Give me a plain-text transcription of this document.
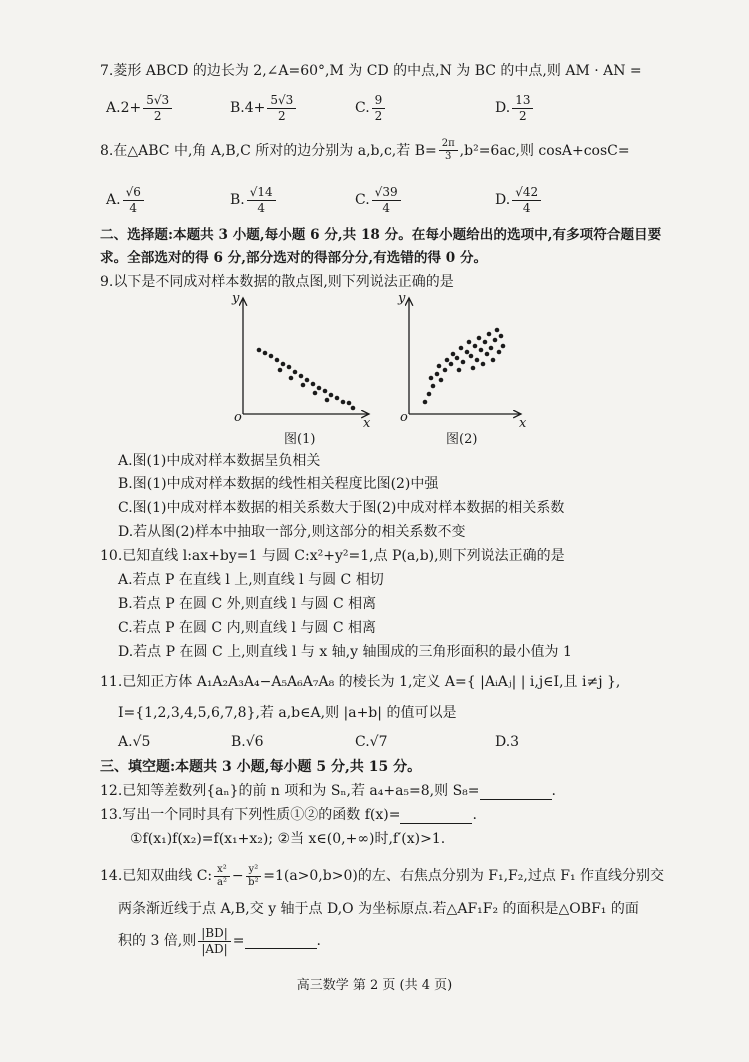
7.菱形 ABCD 的边长为 2,∠A=60°,M 为 CD 的中点,N 为 BC 的中点,则 AM · AN =
A. $2+ \frac{5√3}{2}$	B. $4+ \frac{5√3}{2}$	C. $\frac{9}{2}$	D. $\frac{13}{2}$
8.在△ABC 中,角 A,B,C 所对的边分别为 a,b,c,若 $B= \frac{2\pi}{3} ,b^2=6ac$,则 cosA+cosC=
A. $\frac{√6}{4}$	B. $\frac{√14}{4}$	C. $\frac{√39}{4}$	D. $\frac{√42}{4}$
二、选择题:本题共 3 小题,每小题 6 分,共 18 分。在每小题给出的选项中,有多项符合题目要
求。全部选对的得 6 分,部分选对的得部分分,有选错的得 0 分。
9.以下是不同成对样本数据的散点图,则下列说法正确的是
y
o	x
y
o	x
图(1)	图(2)
A.图(1)中成对样本数据呈负相关
B.图(1)中成对样本数据的线性相关程度比图(2)中强
C.图(1)中成对样本数据的相关系数大于图(2)中成对样本数据的相关系数
D.若从图(2)样本中抽取一部分,则这部分的相关系数不变
10.已知直线 l:ax+by=1 与圆 C:x²+y²=1,点 P(a,b),则下列说法正确的是
A.若点 P 在直线 l 上,则直线 l 与圆 C 相切
B.若点 P 在圆 C 外,则直线 l 与圆 C 相离
C.若点 P 在圆 C 内,则直线 l 与圆 C 相离
D.若点 P 在圆 C 上,则直线 l 与 x 轴,y 轴围成的三角形面积的最小值为 1
11.已知正方体 A₁A₂A₃A₄−A₅A₆A₇A₈ 的棱长为 1,定义 A={ |AᵢAⱼ| | i,j∈I,且 i≠j },
I={1,2,3,4,5,6,7,8},若 a,b∈A,则 |a+b| 的值可以是
A.√5	B.√6	C.√7	D.3
三、填空题:本题共 3 小题,每小题 5 分,共 15 分。
12.已知等差数列{aₙ}的前 n 项和为 Sₙ,若 a₄+a₅=8,则 S₈=	.
13.写出一个同时具有下列性质①②的函数 f(x)=	.
①f(x₁)f(x₂)=f(x₁+x₂); ②当 x∈(0,+∞)时,f′(x)>1.
14.已知双曲线 C: $\frac{\text{x²}}{\text{a²}} - \frac{\text{y²}}{\text{b²}} =1(a>0,b>0)$的左、右焦点分别为 F₁,F₂,过点 F₁ 作直线分别交
两条渐近线于点 A,B,交 y 轴于点 D,O 为坐标原点.若△AF₁F₂ 的面积是△OBF₁ 的面
积的 3 倍,则 $\frac{|BD|}{|AD|}$ =	.
高三数学 第 2 页 (共 4 页)
